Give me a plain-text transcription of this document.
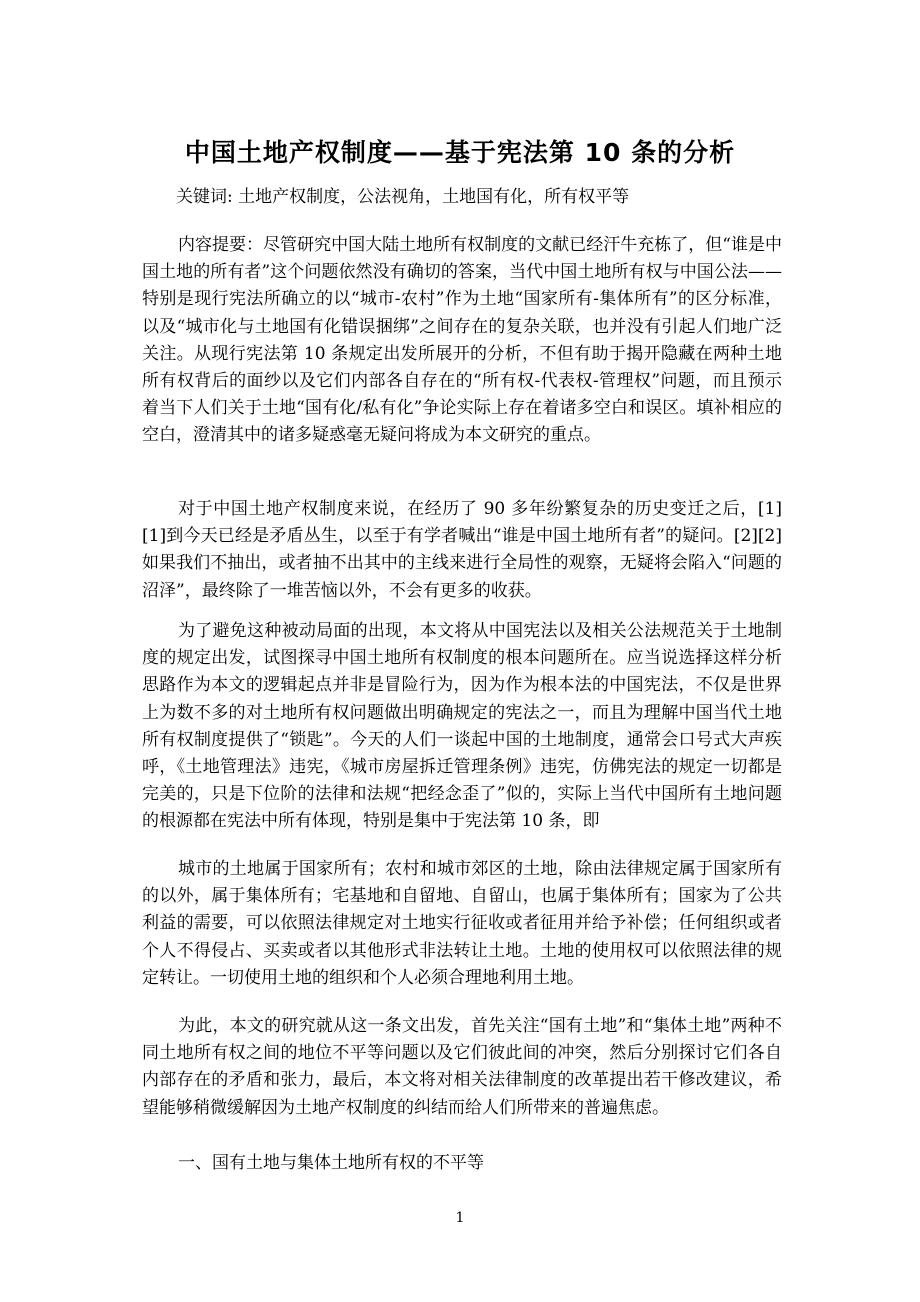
中国土地产权制度——基于宪法第 10 条的分析

关键词: 土地产权制度，公法视角，土地国有化，所有权平等

内容提要：尽管研究中国大陆土地所有权制度的文献已经汗牛充栋了，但“谁是中国土地的所有者”这个问题依然没有确切的答案，当代中国土地所有权与中国公法——特别是现行宪法所确立的以“城市-农村”作为土地“国家所有-集体所有”的区分标准，以及“城市化与土地国有化错误捆绑”之间存在的复杂关联，也并没有引起人们地广泛关注。从现行宪法第 10 条规定出发所展开的分析，不但有助于揭开隐藏在两种土地所有权背后的面纱以及它们内部各自存在的“所有权-代表权-管理权”问题，而且预示着当下人们关于土地“国有化/私有化”争论实际上存在着诸多空白和误区。填补相应的空白，澄清其中的诸多疑惑毫无疑问将成为本文研究的重点。

对于中国土地产权制度来说，在经历了 90 多年纷繁复杂的历史变迁之后，[1] [1]到今天已经是矛盾丛生，以至于有学者喊出“谁是中国土地所有者”的疑问。[2][2]如果我们不抽出，或者抽不出其中的主线来进行全局性的观察，无疑将会陷入“问题的沼泽”，最终除了一堆苦恼以外，不会有更多的收获。

为了避免这种被动局面的出现，本文将从中国宪法以及相关公法规范关于土地制度的规定出发，试图探寻中国土地所有权制度的根本问题所在。应当说选择这样分析思路作为本文的逻辑起点并非是冒险行为，因为作为根本法的中国宪法，不仅是世界上为数不多的对土地所有权问题做出明确规定的宪法之一，而且为理解中国当代土地所有权制度提供了“锁匙”。今天的人们一谈起中国的土地制度，通常会口号式大声疾呼，《土地管理法》违宪，《城市房屋拆迁管理条例》违宪，仿佛宪法的规定一切都是完美的，只是下位阶的法律和法规“把经念歪了”似的，实际上当代中国所有土地问题的根源都在宪法中所有体现，特别是集中于宪法第 10 条，即

城市的土地属于国家所有；农村和城市郊区的土地，除由法律规定属于国家所有的以外，属于集体所有；宅基地和自留地、自留山，也属于集体所有；国家为了公共利益的需要，可以依照法律规定对土地实行征收或者征用并给予补偿；任何组织或者个人不得侵占、买卖或者以其他形式非法转让土地。土地的使用权可以依照法律的规定转让。一切使用土地的组织和个人必须合理地利用土地。

为此，本文的研究就从这一条文出发，首先关注“国有土地”和“集体土地”两种不同土地所有权之间的地位不平等问题以及它们彼此间的冲突，然后分别探讨它们各自内部存在的矛盾和张力，最后，本文将对相关法律制度的改革提出若干修改建议，希望能够稍微缓解因为土地产权制度的纠结而给人们所带来的普遍焦虑。

一、国有土地与集体土地所有权的不平等

1
